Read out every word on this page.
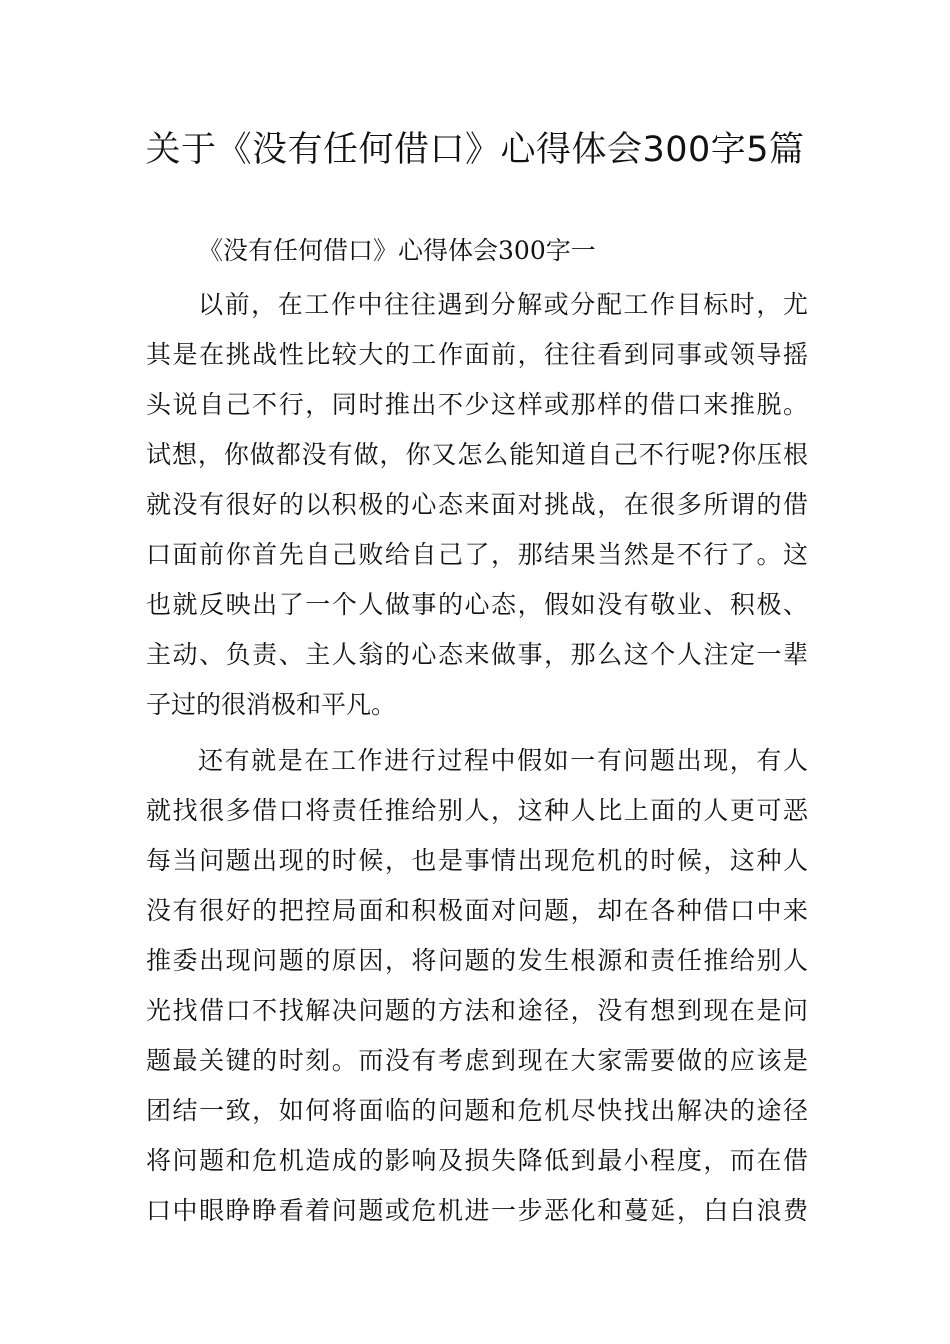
关于《没有任何借口》心得体会300字5篇
《没有任何借口》心得体会300字一
以前，在工作中往往遇到分解或分配工作目标时，尤
其是在挑战性比较大的工作面前，往往看到同事或领导摇
头说自己不行，同时推出不少这样或那样的借口来推脱。
试想，你做都没有做，你又怎么能知道自己不行呢?你压根
就没有很好的以积极的心态来面对挑战，在很多所谓的借
口面前你首先自己败给自己了，那结果当然是不行了。这
也就反映出了一个人做事的心态，假如没有敬业、积极、
主动、负责、主人翁的心态来做事，那么这个人注定一辈
子过的很消极和平凡。
还有就是在工作进行过程中假如一有问题出现，有人
就找很多借口将责任推给别人，这种人比上面的人更可恶
每当问题出现的时候，也是事情出现危机的时候，这种人
没有很好的把控局面和积极面对问题，却在各种借口中来
推委出现问题的原因，将问题的发生根源和责任推给别人
光找借口不找解决问题的方法和途径，没有想到现在是问
题最关键的时刻。而没有考虑到现在大家需要做的应该是
团结一致，如何将面临的问题和危机尽快找出解决的途径
将问题和危机造成的影响及损失降低到最小程度，而在借
口中眼睁睁看着问题或危机进一步恶化和蔓延，白白浪费
